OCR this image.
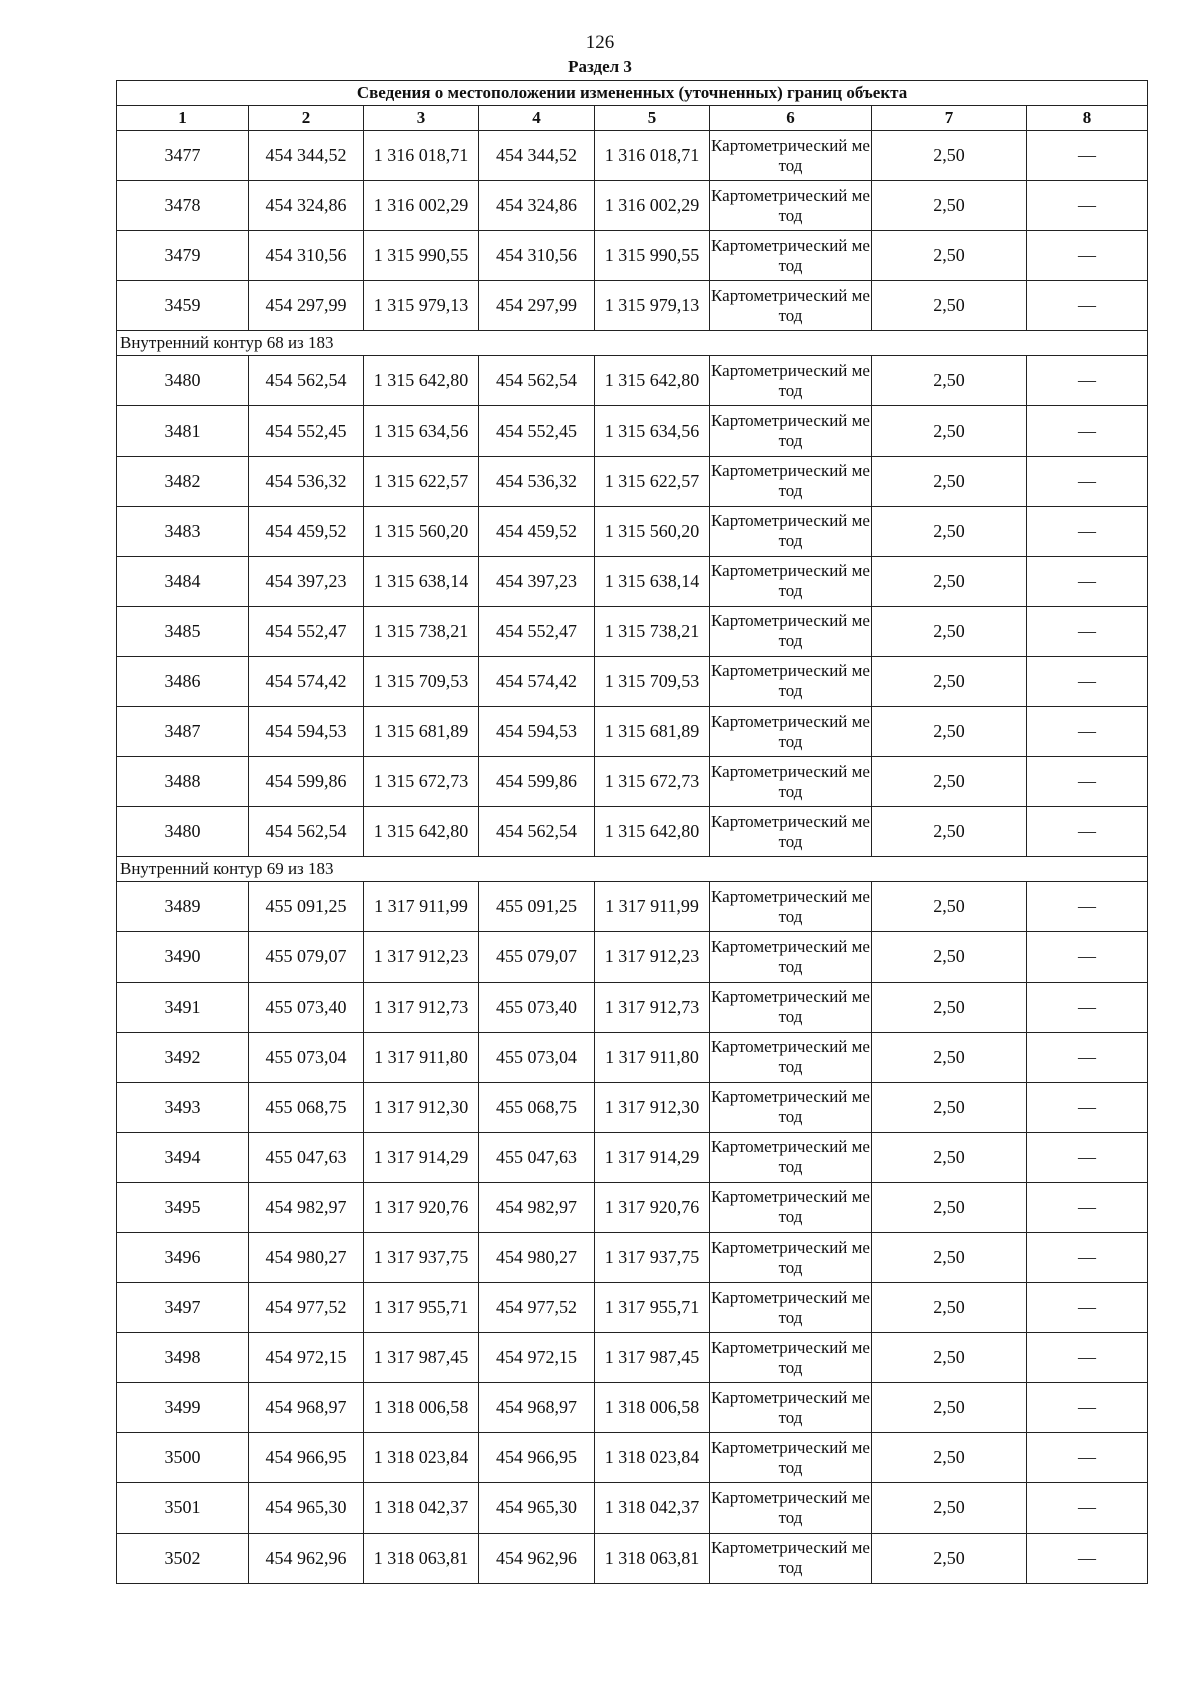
126
Раздел 3
Сведения о местоположении измененных (уточненных) границ объекта							
1	2	3	4	5	6	7	8
3477	454 344,52	1 316 018,71	454 344,52	1 316 018,71	Картометрический метод	2,50	—
3478	454 324,86	1 316 002,29	454 324,86	1 316 002,29	Картометрический метод	2,50	—
3479	454 310,56	1 315 990,55	454 310,56	1 315 990,55	Картометрический метод	2,50	—
3459	454 297,99	1 315 979,13	454 297,99	1 315 979,13	Картометрический метод	2,50	—
Внутренний контур 68 из 183							
3480	454 562,54	1 315 642,80	454 562,54	1 315 642,80	Картометрический метод	2,50	—
3481	454 552,45	1 315 634,56	454 552,45	1 315 634,56	Картометрический метод	2,50	—
3482	454 536,32	1 315 622,57	454 536,32	1 315 622,57	Картометрический метод	2,50	—
3483	454 459,52	1 315 560,20	454 459,52	1 315 560,20	Картометрический метод	2,50	—
3484	454 397,23	1 315 638,14	454 397,23	1 315 638,14	Картометрический метод	2,50	—
3485	454 552,47	1 315 738,21	454 552,47	1 315 738,21	Картометрический метод	2,50	—
3486	454 574,42	1 315 709,53	454 574,42	1 315 709,53	Картометрический метод	2,50	—
3487	454 594,53	1 315 681,89	454 594,53	1 315 681,89	Картометрический метод	2,50	—
3488	454 599,86	1 315 672,73	454 599,86	1 315 672,73	Картометрический метод	2,50	—
3480	454 562,54	1 315 642,80	454 562,54	1 315 642,80	Картометрический метод	2,50	—
Внутренний контур 69 из 183							
3489	455 091,25	1 317 911,99	455 091,25	1 317 911,99	Картометрический метод	2,50	—
3490	455 079,07	1 317 912,23	455 079,07	1 317 912,23	Картометрический метод	2,50	—
3491	455 073,40	1 317 912,73	455 073,40	1 317 912,73	Картометрический метод	2,50	—
3492	455 073,04	1 317 911,80	455 073,04	1 317 911,80	Картометрический метод	2,50	—
3493	455 068,75	1 317 912,30	455 068,75	1 317 912,30	Картометрический метод	2,50	—
3494	455 047,63	1 317 914,29	455 047,63	1 317 914,29	Картометрический метод	2,50	—
3495	454 982,97	1 317 920,76	454 982,97	1 317 920,76	Картометрический метод	2,50	—
3496	454 980,27	1 317 937,75	454 980,27	1 317 937,75	Картометрический метод	2,50	—
3497	454 977,52	1 317 955,71	454 977,52	1 317 955,71	Картометрический метод	2,50	—
3498	454 972,15	1 317 987,45	454 972,15	1 317 987,45	Картометрический метод	2,50	—
3499	454 968,97	1 318 006,58	454 968,97	1 318 006,58	Картометрический метод	2,50	—
3500	454 966,95	1 318 023,84	454 966,95	1 318 023,84	Картометрический метод	2,50	—
3501	454 965,30	1 318 042,37	454 965,30	1 318 042,37	Картометрический метод	2,50	—
3502	454 962,96	1 318 063,81	454 962,96	1 318 063,81	Картометрический метод	2,50	—
